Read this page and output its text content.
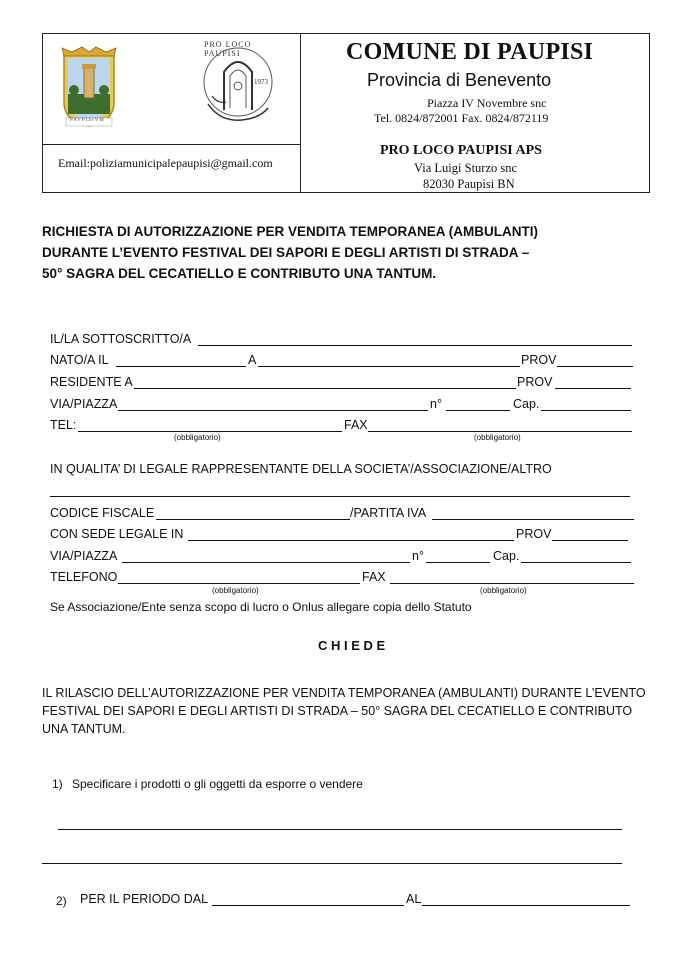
PAVPISIVM
PRO LOCO PAUPISI
1973
Email:poliziamunicipalepaupisi@gmail.com
COMUNE DI PAUPISI
Provincia di Benevento
Piazza IV Novembre snc
Tel. 0824/872001 Fax. 0824/872119
PRO LOCO PAUPISI APS
Via Luigi Sturzo snc
82030 Paupisi BN
RICHIESTA DI AUTORIZZAZIONE PER VENDITA TEMPORANEA (AMBULANTI)
DURANTE L’EVENTO FESTIVAL DEI SAPORI E DEGLI ARTISTI DI STRADA –
50° SAGRA DEL CECATIELLO E CONTRIBUTO UNA TANTUM.
IL/LA SOTTOSCRITTO/A
NATO/A IL	A	PROV
RESIDENTE A	PROV
VIA/PIAZZA	n°	Cap.
TEL:	FAX
(obbligatorio)	(obbligatorio)
IN QUALITA’ DI LEGALE RAPPRESENTANTE DELLA SOCIETA’/ASSOCIAZIONE/ALTRO
CODICE FISCALE	/PARTITA IVA
CON SEDE LEGALE IN	PROV
VIA/PIAZZA	n°	Cap.
TELEFONO	FAX
(obbligatorio)	(obbligatorio)
Se Associazione/Ente senza scopo di lucro o Onlus allegare copia dello Statuto
C H I E D E
IL RILASCIO DELL’AUTORIZZAZIONE PER VENDITA TEMPORANEA (AMBULANTI) DURANTE L’EVENTO
FESTIVAL DEI SAPORI E DEGLI ARTISTI DI STRADA – 50° SAGRA DEL CECATIELLO E CONTRIBUTO
UNA TANTUM.
1) Specificare i prodotti o gli oggetti da esporre o vendere
2) PER IL PERIODO DAL	AL
